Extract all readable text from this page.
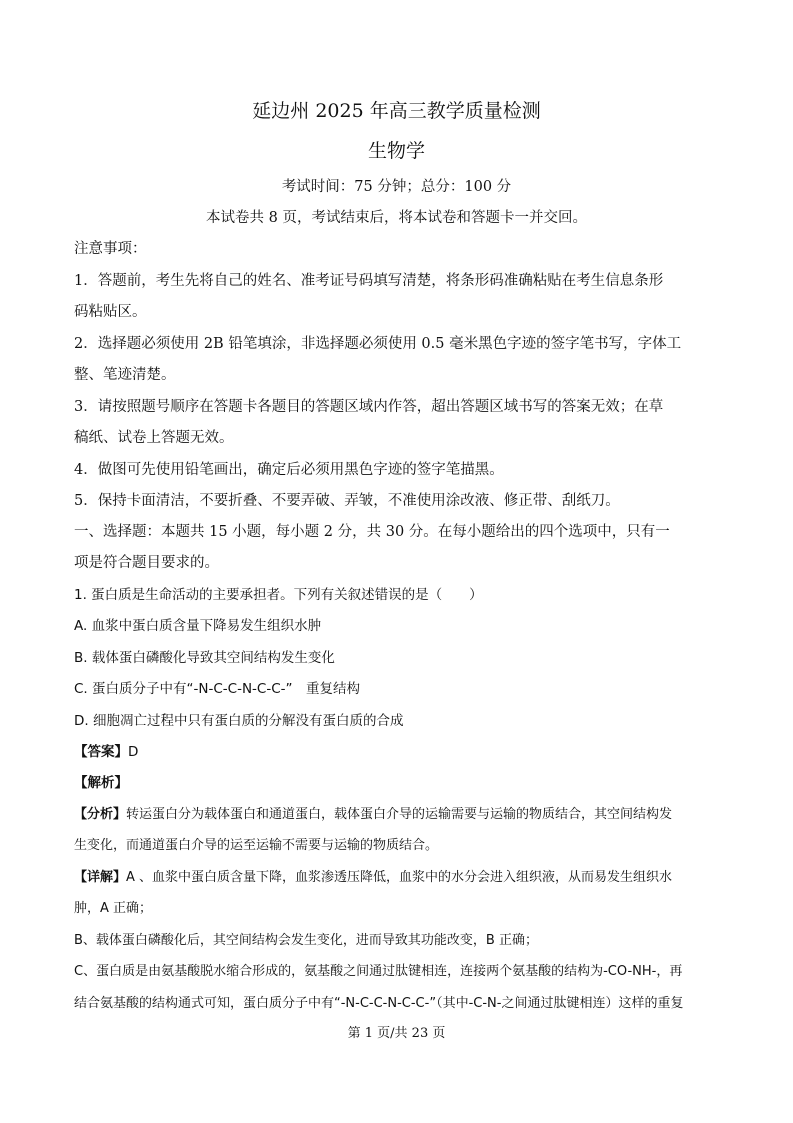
延边州 2025 年高三教学质量检测
生物学
考试时间：75 分钟；总分：100 分
本试卷共 8 页，考试结束后，将本试卷和答题卡一并交回。
注意事项：
1．答题前，考生先将自己的姓名、准考证号码填写清楚，将条形码准确粘贴在考生信息条形
码粘贴区。
2．选择题必须使用 2B 铅笔填涂，非选择题必须使用 0.5 毫米黑色字迹的签字笔书写，字体工
整、笔迹清楚。
3．请按照题号顺序在答题卡各题目的答题区域内作答，超出答题区域书写的答案无效；在草
稿纸、试卷上答题无效。
4．做图可先使用铅笔画出，确定后必须用黑色字迹的签字笔描黑。
5．保持卡面清洁，不要折叠、不要弄破、弄皱，不准使用涂改液、修正带、刮纸刀。
一、选择题：本题共 15 小题，每小题 2 分，共 30 分。在每小题给出的四个选项中，只有一
项是符合题目要求的。
1. 蛋白质是生命活动的主要承担者。下列有关叙述错误的是（　　）
A. 血浆中蛋白质含量下降易发生组织水肿
B. 载体蛋白磷酸化导致其空间结构发生变化
C. 蛋白质分子中有“-N-C-C-N-C-C-”　重复结构
D. 细胞凋亡过程中只有蛋白质的分解没有蛋白质的合成
【答案】D
【解析】
【分析】转运蛋白分为载体蛋白和通道蛋白，载体蛋白介导的运输需要与运输的物质结合，其空间结构发
生变化，而通道蛋白介导的运至运输不需要与运输的物质结合。
【详解】A 、血浆中蛋白质含量下降，血浆渗透压降低，血浆中的水分会进入组织液，从而易发生组织水
肿，A 正确；
B、载体蛋白磷酸化后，其空间结构会发生变化，进而导致其功能改变，B 正确；
C、蛋白质是由氨基酸脱水缩合形成的，氨基酸之间通过肽键相连，连接两个氨基酸的结构为-CO-NH-，再
结合氨基酸的结构通式可知，蛋白质分子中有“-N-C-C-N-C-C-”（其中-C-N-之间通过肽键相连）这样的重复
第 1 页/共 23 页
